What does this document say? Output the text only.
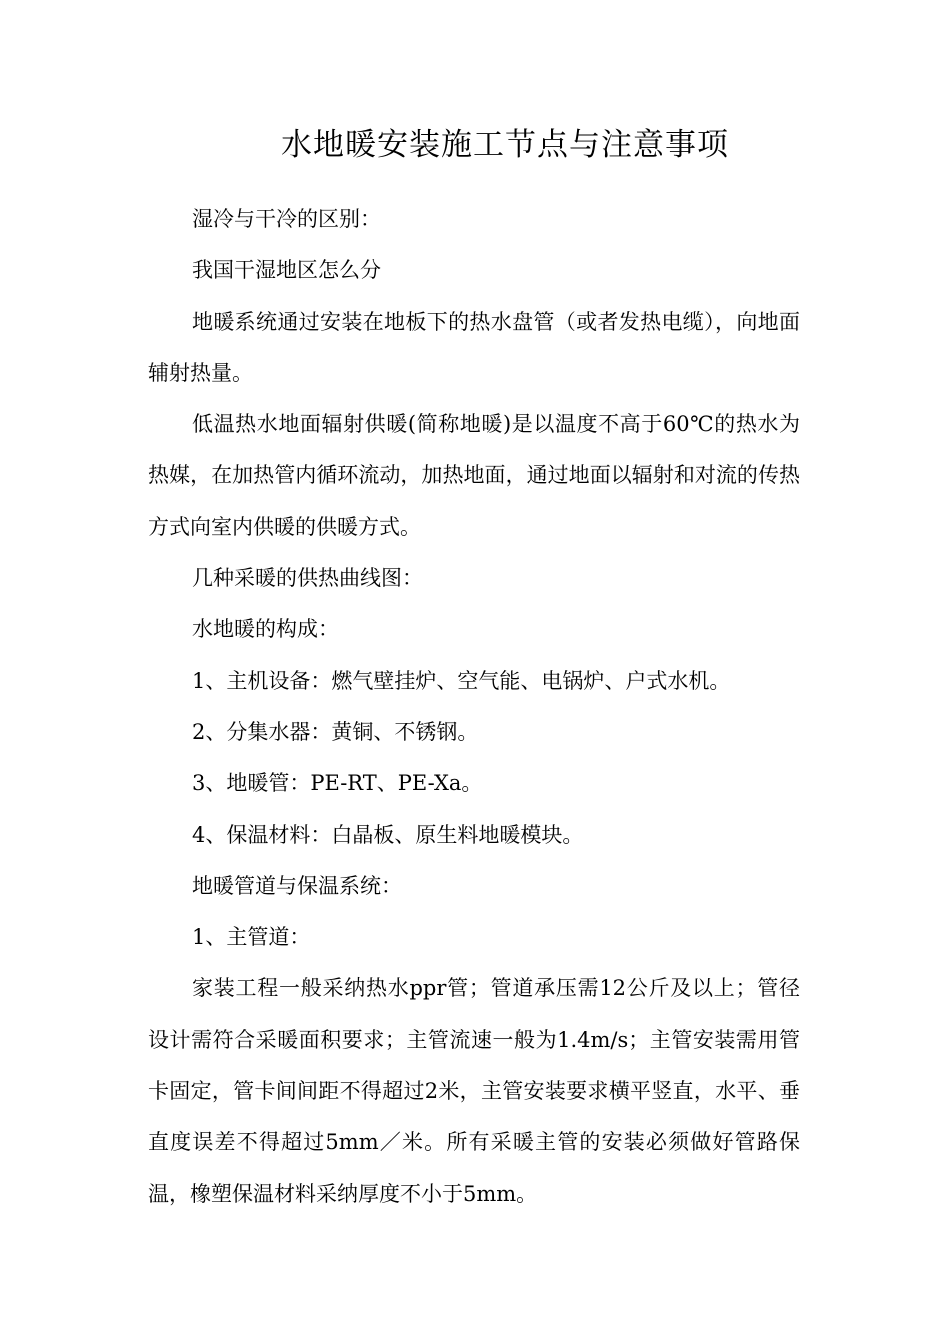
水地暖安装施工节点与注意事项

湿冷与干冷的区别：

我国干湿地区怎么分

地暖系统通过安装在地板下的热水盘管（或者发热电缆），向地面辅射热量。

低温热水地面辐射供暖(简称地暖)是以温度不高于60℃的热水为热媒，在加热管内循环流动，加热地面，通过地面以辐射和对流的传热方式向室内供暖的供暖方式。

几种采暖的供热曲线图：

水地暖的构成：

1、主机设备：燃气壁挂炉、空气能、电锅炉、户式水机。

2、分集水器：黄铜、不锈钢。

3、地暖管：PE-RT、PE-Xa。

4、保温材料：白晶板、原生料地暖模块。

地暖管道与保温系统：

1、主管道：

家装工程一般采纳热水ppr管；管道承压需12公斤及以上；管径设计需符合采暖面积要求；主管流速一般为1.4m/s；主管安装需用管卡固定，管卡间间距不得超过2米，主管安装要求横平竖直，水平、垂直度误差不得超过5mm／米。所有采暖主管的安装必须做好管路保温，橡塑保温材料采纳厚度不小于5mm。
